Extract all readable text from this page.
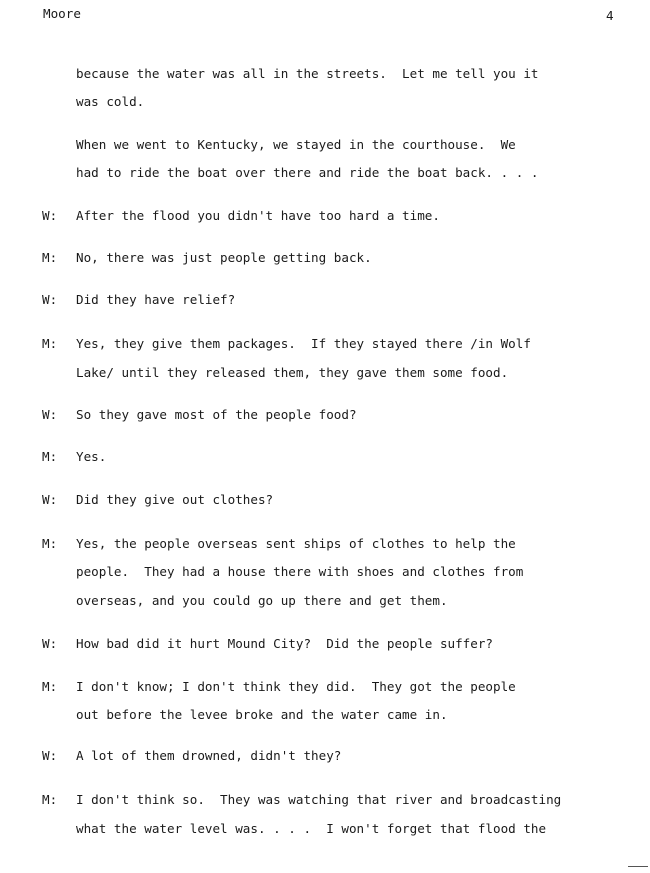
Moore	4
because the water was all in the streets.  Let me tell you it
was cold.
When we went to Kentucky, we stayed in the courthouse.  We
had to ride the boat over there and ride the boat back. . . .
W: After the flood you didn't have too hard a time.
M: No, there was just people getting back.
W: Did they have relief?
M: Yes, they give them packages.  If they stayed there /in Wolf
Lake/ until they released them, they gave them some food.
W: So they gave most of the people food?
M: Yes.
W: Did they give out clothes?
M: Yes, the people overseas sent ships of clothes to help the
people.  They had a house there with shoes and clothes from
overseas, and you could go up there and get them.
W: How bad did it hurt Mound City?  Did the people suffer?
M: I don't know; I don't think they did.  They got the people
out before the levee broke and the water came in.
W: A lot of them drowned, didn't they?
M: I don't think so.  They was watching that river and broadcasting
what the water level was. . . .  I won't forget that flood the
